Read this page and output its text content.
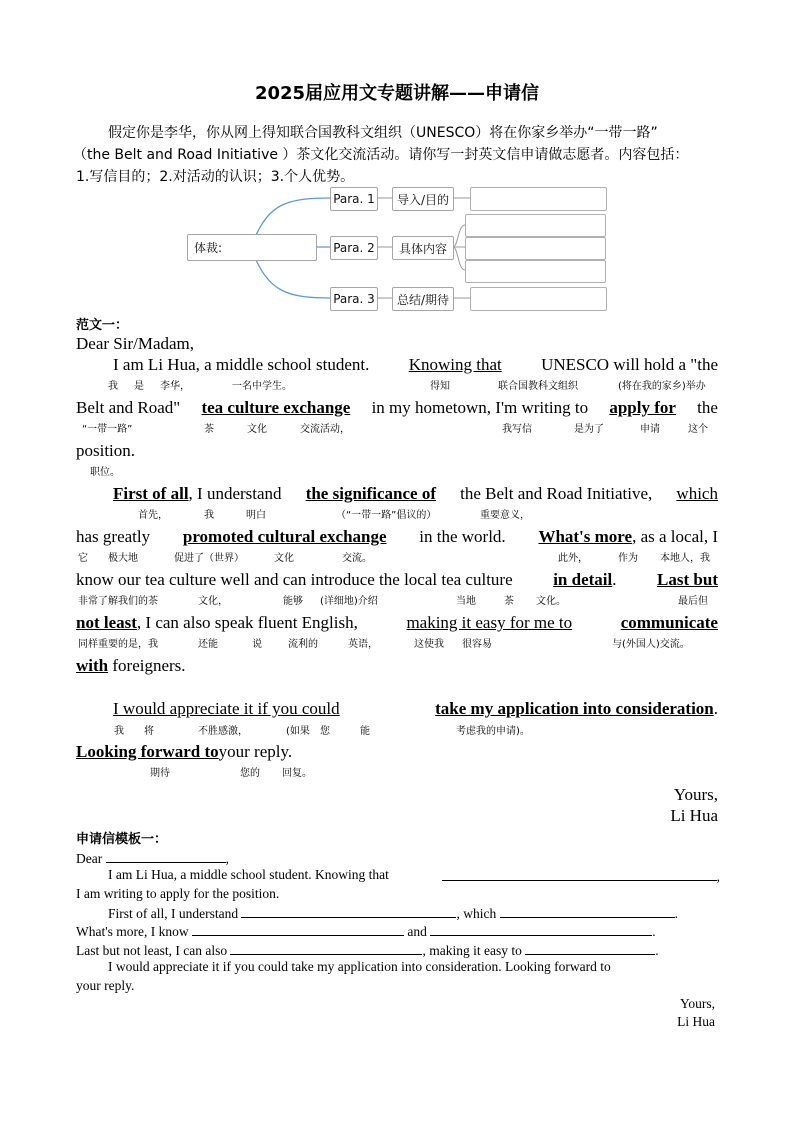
2025届应用文专题讲解——申请信
假定你是李华，你从网上得知联合国教科文组织（UNESCO）将在你家乡举办“一带一路”
（the Belt and Road Initiative ）茶文化交流活动。请你写一封英文信申请做志愿者。内容包括：
1.写信目的；2.对活动的认识；3.个人优势。
体裁:
Para. 1	导入/目的
Para. 2	具体内容
Para. 3	总结/期待
范文一：
Dear Sir/Madam,
I am Li Hua, a middle school student. Knowing that UNESCO will hold a "the
我 是 李华，	一名中学生。	得知	联合国教科文组织	(将在我的家乡)举办
Belt and Road" tea culture exchange in my hometown, I'm writing to apply for the
“一带一路”	茶	文化	交流活动，	我写信	是为了	申请	这个
position.
职位。
First of all, I understand the significance of the Belt and Road Initiative, which
首先，	我	明白	（“一带一路”倡议的）	重要意义，
has greatly promoted cultural exchange in the world. What's more, as a local, I
它 极大地	促进了（世界）	文化	交流。	此外，	作为 本地人，我
know our tea culture well and can introduce the local tea culture in detail. Last but
非常了解我们的茶	文化，	能够 (详细地)介绍	当地	茶 文化。	最后但
not least, I can also speak fluent English,	making it easy for me to	communicate
同样重要的是，我	还能	说	流利的	英语，	这使我 很容易	与(外国人)交流。
with foreigners.
I would appreciate it if you could	take my application into consideration.
我 将	不胜感激，	(如果 您	能	考虑我的申请)。
Looking forward toyour reply.
期待	您的 回复。
Yours,
Li Hua
申请信模板一：
Dear	,
I am Li Hua, a middle school student. Knowing that	,
I am writing to apply for the position.
First of all, I understand	, which	.
What's more, I know	and	.
Last but not least, I can also	, making it easy to	.
I would appreciate it if you could take my application into consideration. Looking forward to
your reply.
Yours,
Li Hua
